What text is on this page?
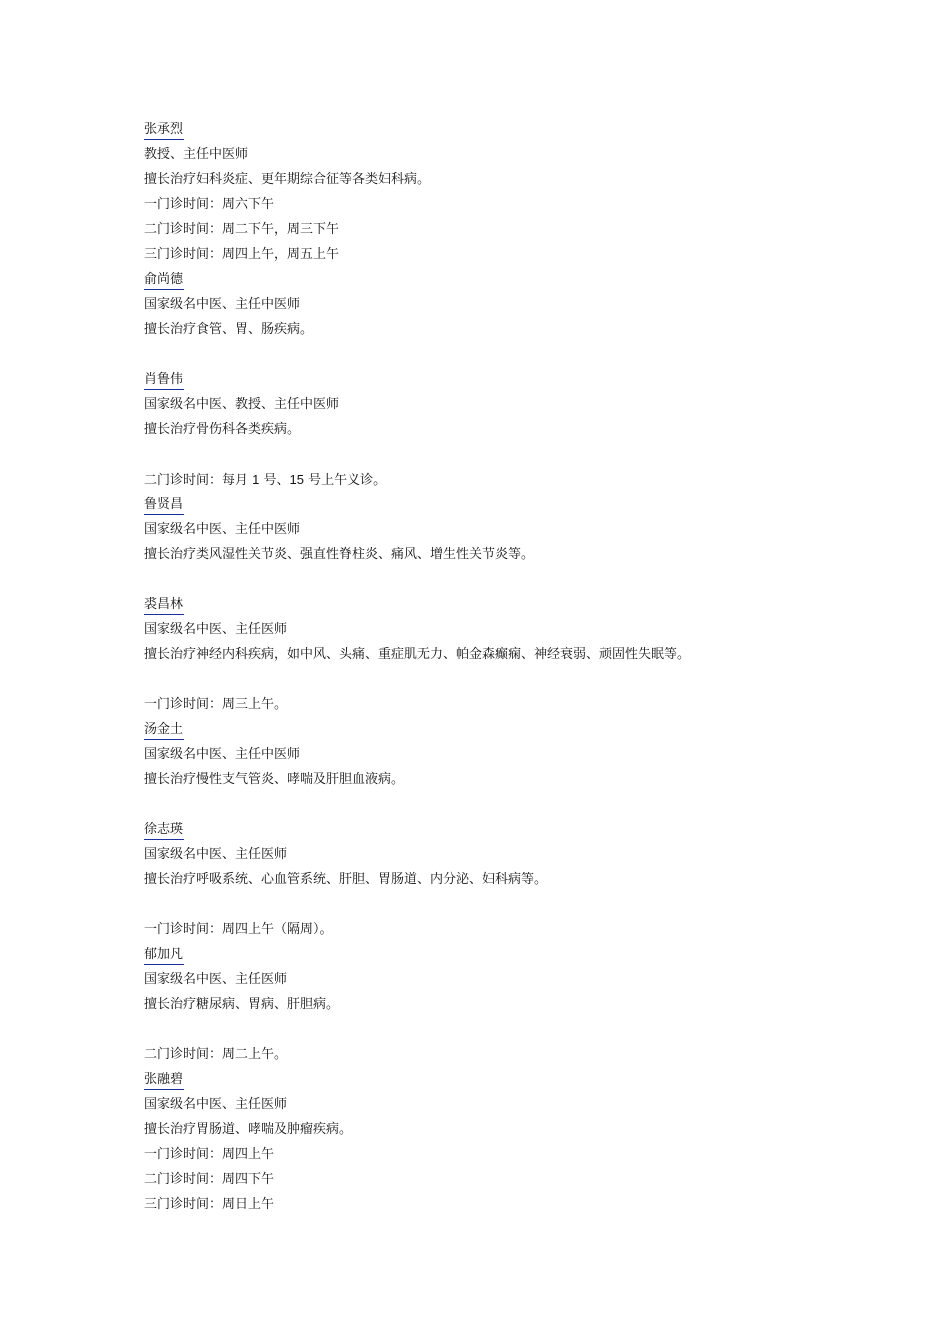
张承烈
教授、主任中医师
擅长治疗妇科炎症、更年期综合征等各类妇科病。
一门诊时间：周六下午
二门诊时间：周二下午，周三下午
三门诊时间：周四上午，周五上午
俞尚德
国家级名中医、主任中医师
擅长治疗食管、胃、肠疾病。
肖鲁伟
国家级名中医、教授、主任中医师
擅长治疗骨伤科各类疾病。
二门诊时间：每月 1 号、15 号上午义诊。
鲁贤昌
国家级名中医、主任中医师
擅长治疗类风湿性关节炎、强直性脊柱炎、痛风、增生性关节炎等。
裘昌林
国家级名中医、主任医师
擅长治疗神经内科疾病，如中风、头痛、重症肌无力、帕金森癫痫、神经衰弱、顽固性失眠等。
一门诊时间：周三上午。
汤金土
国家级名中医、主任中医师
擅长治疗慢性支气管炎、哮喘及肝胆血液病。
徐志瑛
国家级名中医、主任医师
擅长治疗呼吸系统、心血管系统、肝胆、胃肠道、内分泌、妇科病等。
一门诊时间：周四上午（隔周）。
郁加凡
国家级名中医、主任医师
擅长治疗糖尿病、胃病、肝胆病。
二门诊时间：周二上午。
张融碧
国家级名中医、主任医师
擅长治疗胃肠道、哮喘及肿瘤疾病。
一门诊时间：周四上午
二门诊时间：周四下午
三门诊时间：周日上午
